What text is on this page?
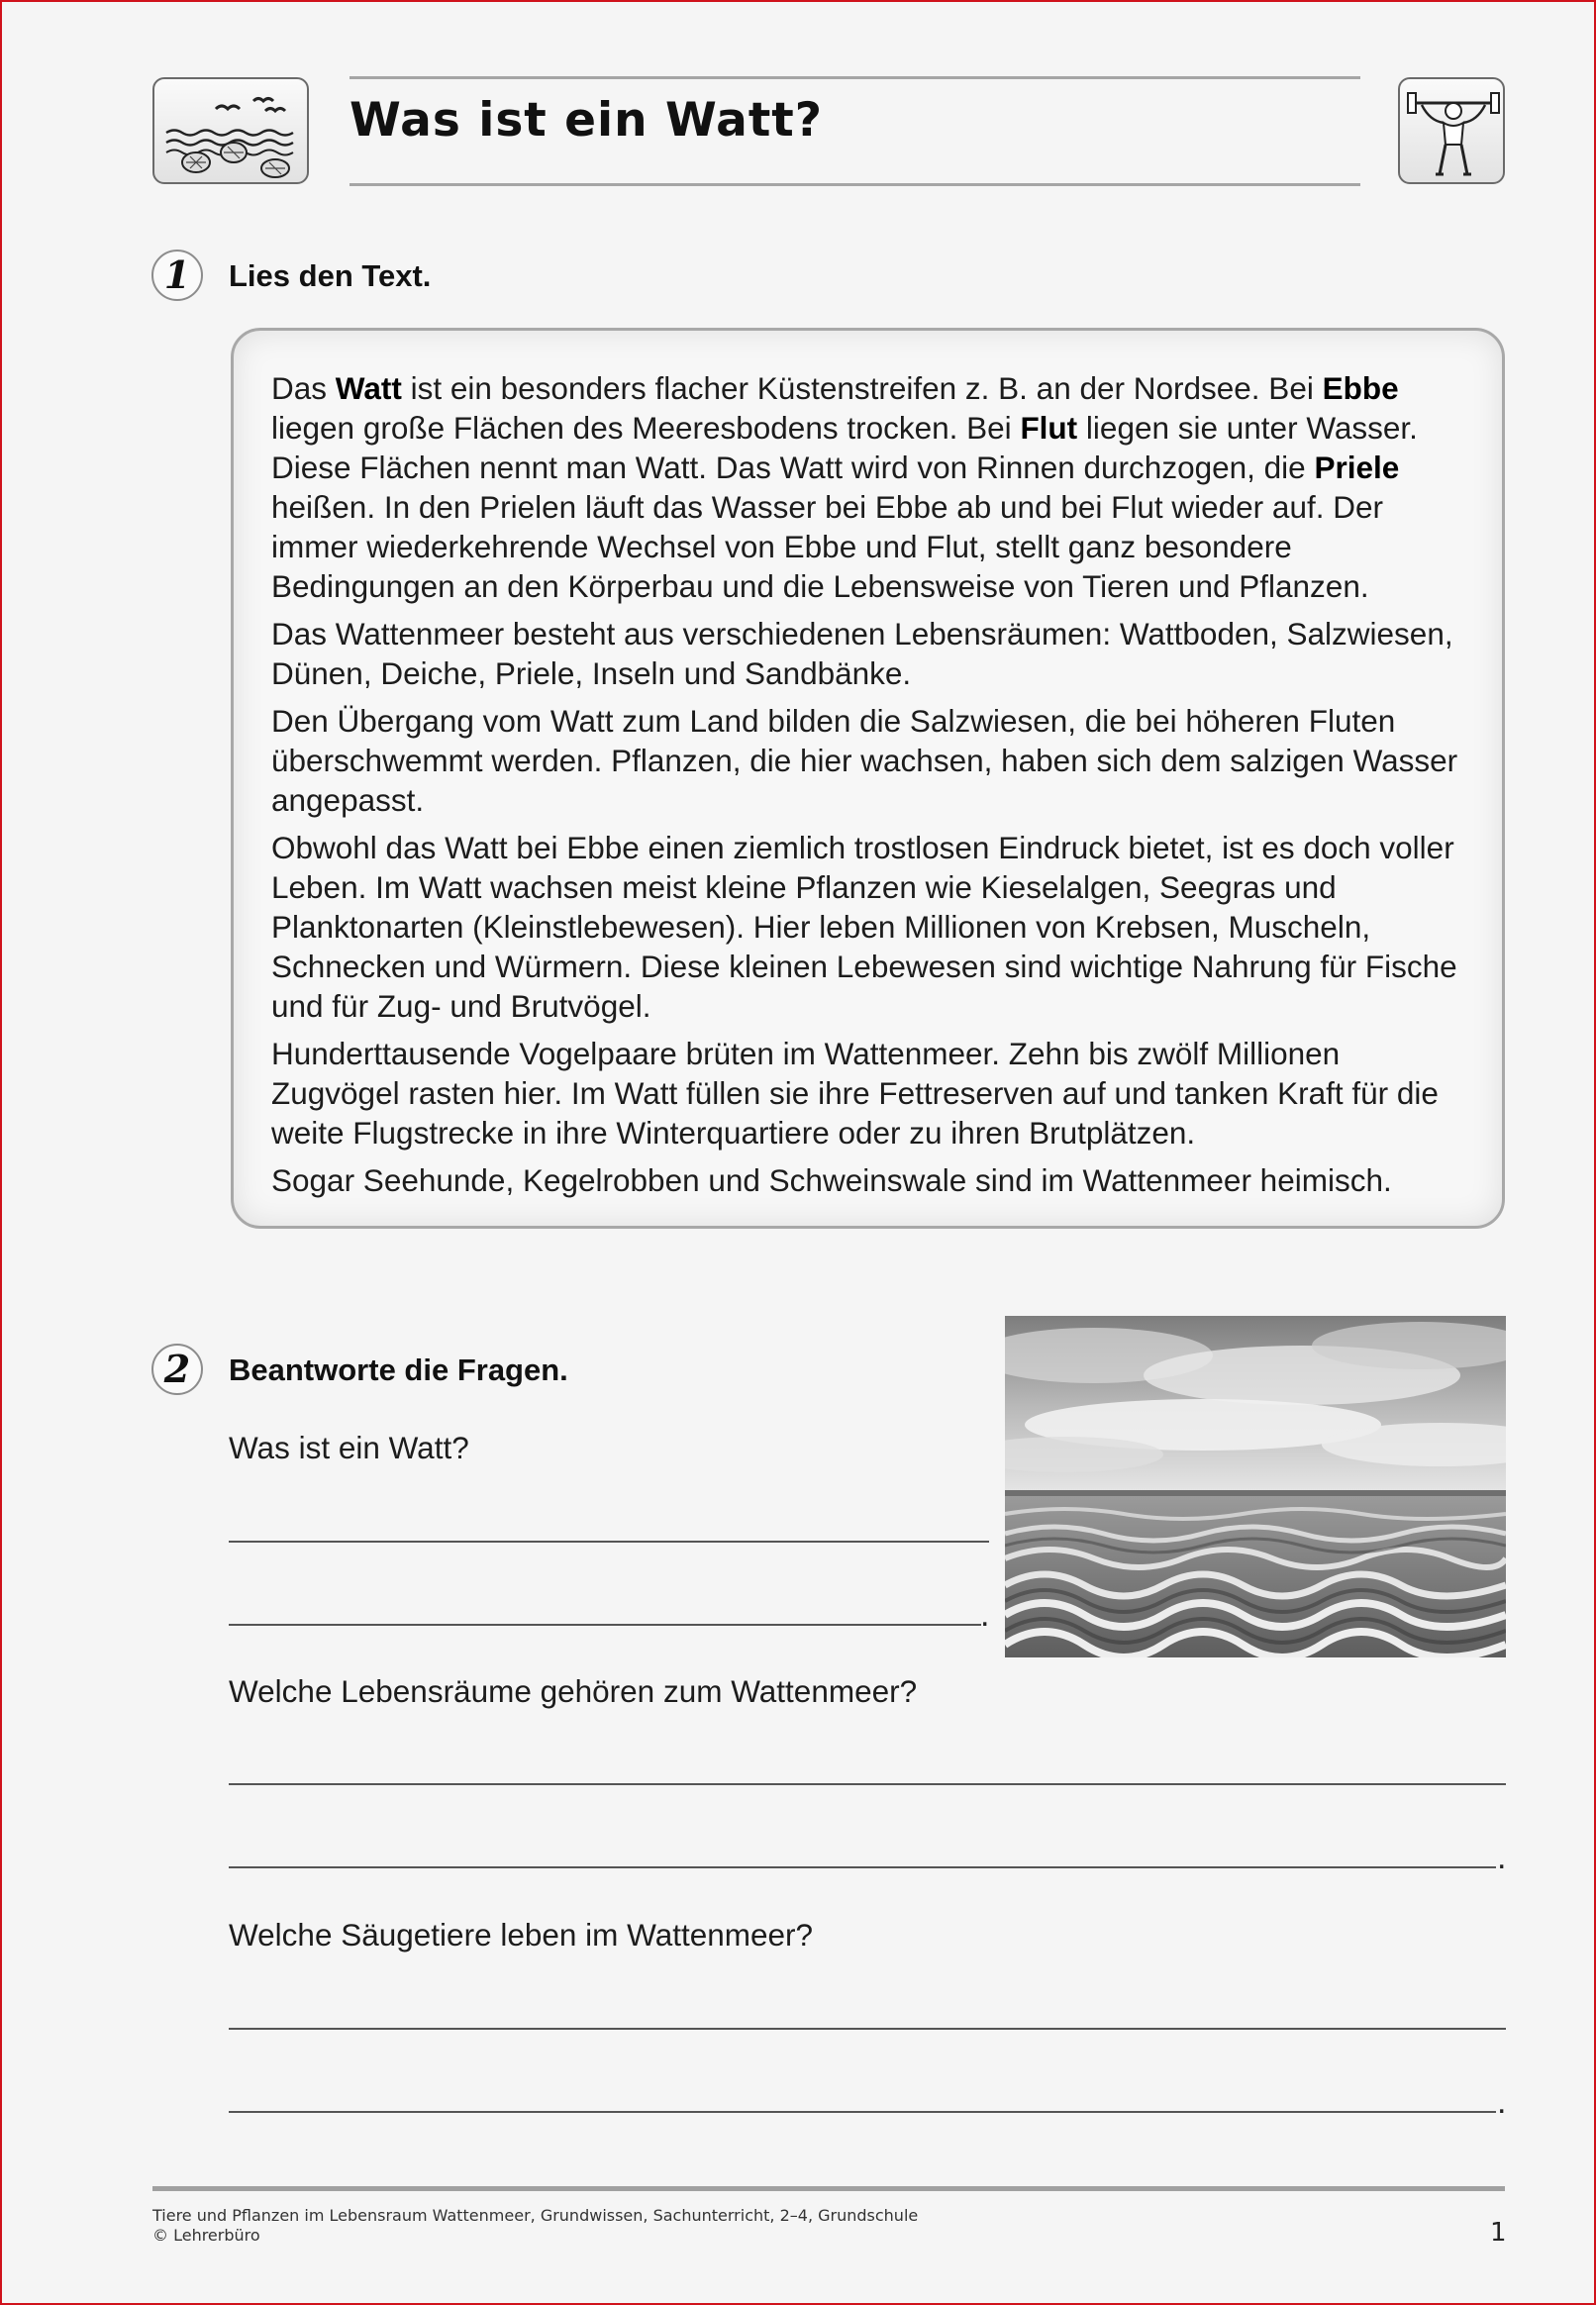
Was ist ein Watt?
1	Lies den Text.

Das Watt ist ein besonders flacher Küstenstreifen z. B. an der Nordsee. Bei Ebbe liegen große Flächen des Meeresbodens trocken. Bei Flut liegen sie unter Wasser. Diese Flächen nennt man Watt. Das Watt wird von Rinnen durchzogen, die Priele heißen. In den Prielen läuft das Wasser bei Ebbe ab und bei Flut wieder auf. Der immer wiederkehrende Wechsel von Ebbe und Flut, stellt ganz besondere Bedingungen an den Körperbau und die Lebensweise von Tieren und Pflanzen.

Das Wattenmeer besteht aus verschiedenen Lebensräumen: Wattboden, Salzwiesen, Dünen, Deiche, Priele, Inseln und Sandbänke.

Den Übergang vom Watt zum Land bilden die Salzwiesen, die bei höheren Fluten überschwemmt werden. Pflanzen, die hier wachsen, haben sich dem salzigen Wasser angepasst.

Obwohl das Watt bei Ebbe einen ziemlich trostlosen Eindruck bietet, ist es doch voller Leben. Im Watt wachsen meist kleine Pflanzen wie Kieselalgen, Seegras und Planktonarten (Kleinstlebewesen). Hier leben Millionen von Krebsen, Muscheln, Schnecken und Würmern. Diese kleinen Lebewesen sind wichtige Nahrung für Fische und für Zug- und Brutvögel.

Hunderttausende Vogelpaare brüten im Wattenmeer. Zehn bis zwölf Millionen Zugvögel rasten hier. Im Watt füllen sie ihre Fettreserven auf und tanken Kraft für die weite Flugstrecke in ihre Winterquartiere oder zu ihren Brutplätzen.

Sogar Seehunde, Kegelrobben und Schweinswale sind im Wattenmeer heimisch.

2	Beantworte die Fragen.
Was ist ein Watt?
.
Welche Lebensräume gehören zum Wattenmeer?
.
Welche Säugetiere leben im Wattenmeer?
.
Tiere und Pflanzen im Lebensraum Wattenmeer, Grundwissen, Sachunterricht, 2–4, Grundschule
© Lehrerbüro	1
